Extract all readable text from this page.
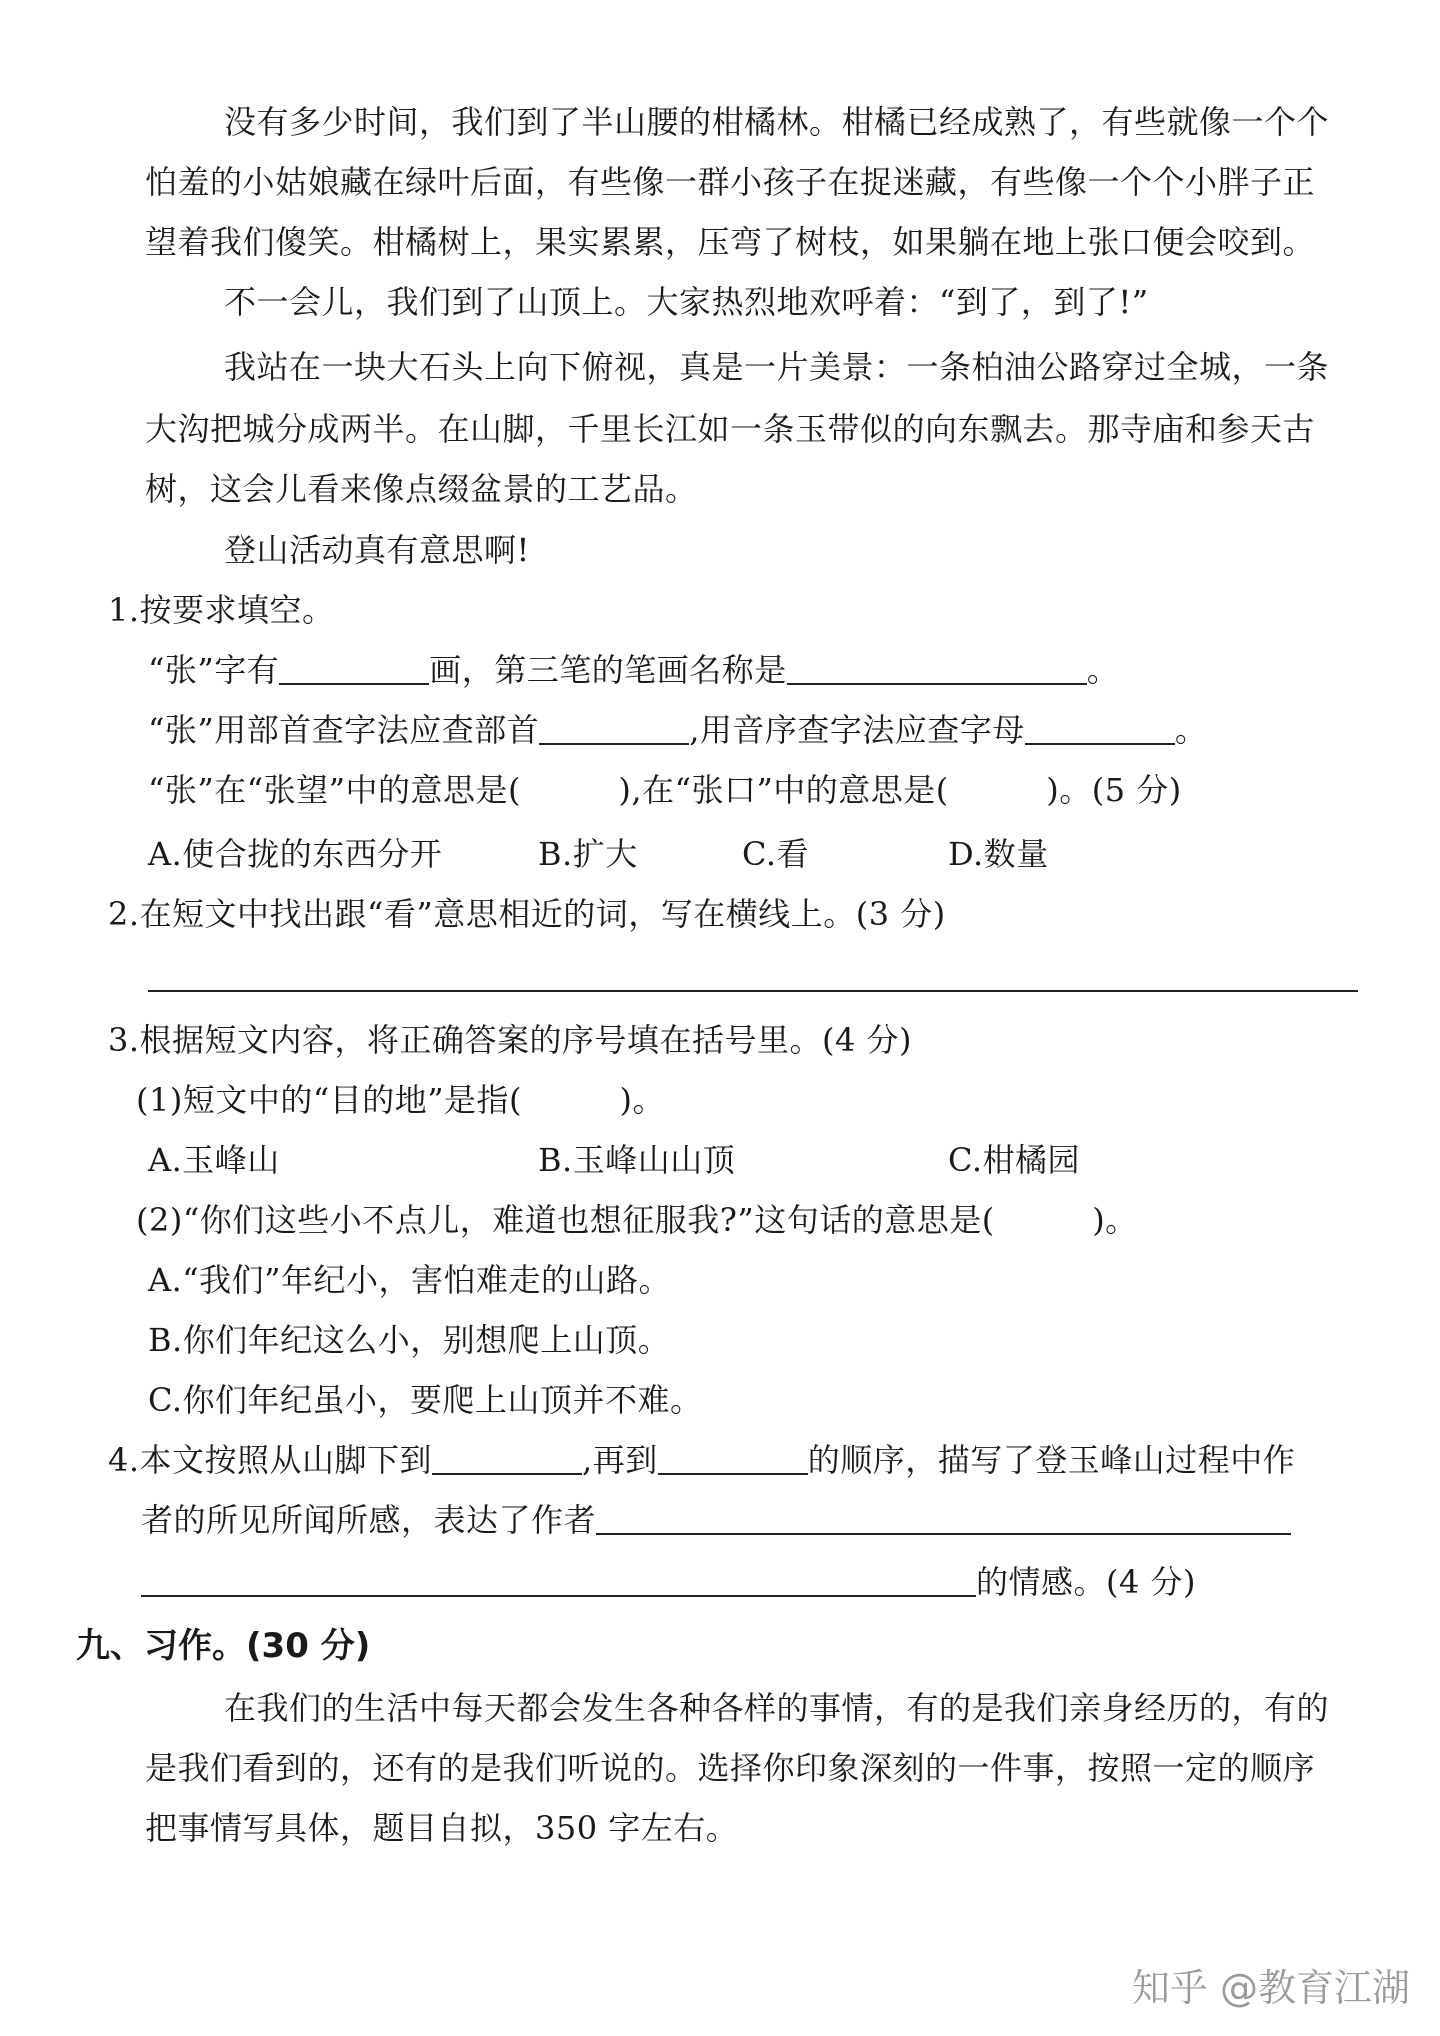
没有多少时间，我们到了半山腰的柑橘林。柑橘已经成熟了，有些就像一个个
怕羞的小姑娘藏在绿叶后面，有些像一群小孩子在捉迷藏，有些像一个个小胖子正
望着我们傻笑。柑橘树上，果实累累，压弯了树枝，如果躺在地上张口便会咬到。
不一会儿，我们到了山顶上。大家热烈地欢呼着：“到了，到了!”
我站在一块大石头上向下俯视，真是一片美景：一条柏油公路穿过全城，一条
大沟把城分成两半。在山脚，千里长江如一条玉带似的向东飘去。那寺庙和参天古
树，这会儿看来像点缀盆景的工艺品。
登山活动真有意思啊!
1.按要求填空。
“张”字有	画，第三笔的笔画名称是	。
“张”用部首查字法应查部首	,用音序查字法应查字母	。
“张”在“张望”中的意思是(　　　),在“张口”中的意思是(　　　)。(5 分)
A.使合拢的东西分开	B.扩大	C.看	D.数量
2.在短文中找出跟“看”意思相近的词，写在横线上。(3 分)
3.根据短文内容，将正确答案的序号填在括号里。(4 分)
(1)短文中的“目的地”是指(　　　)。
A.玉峰山	B.玉峰山山顶	C.柑橘园
(2)“你们这些小不点儿，难道也想征服我?”这句话的意思是(　　　)。
A.“我们”年纪小，害怕难走的山路。
B.你们年纪这么小，别想爬上山顶。
C.你们年纪虽小，要爬上山顶并不难。
4.本文按照从山脚下到	,再到	的顺序，描写了登玉峰山过程中作
者的所见所闻所感，表达了作者
的情感。(4 分)
九、习作。(30 分)
在我们的生活中每天都会发生各种各样的事情，有的是我们亲身经历的，有的
是我们看到的，还有的是我们听说的。选择你印象深刻的一件事，按照一定的顺序
把事情写具体，题目自拟，350 字左右。
知乎 @教育江湖
